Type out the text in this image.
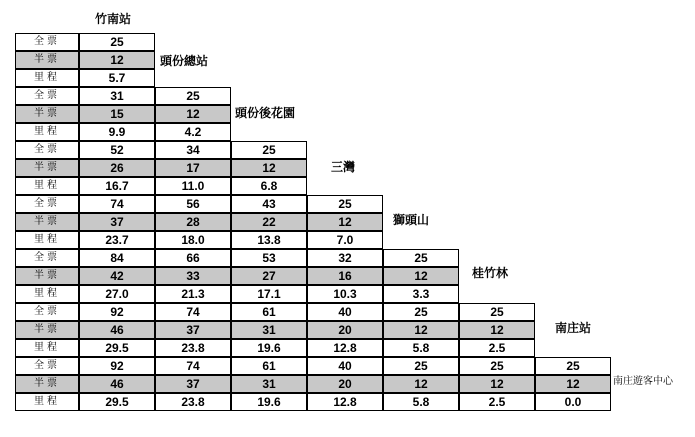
全票	25
半票	12
里程	5.7
全票	31	25
半票	15	12
里程	9.9	4.2
全票	52	34	25
半票	26	17	12
里程	16.7	11.0	6.8
全票	74	56	43	25
半票	37	28	22	12
里程	23.7	18.0	13.8	7.0
全票	84	66	53	32	25
半票	42	33	27	16	12
里程	27.0	21.3	17.1	10.3	3.3
全票	92	74	61	40	25	25
半票	46	37	31	20	12	12
里程	29.5	23.8	19.6	12.8	5.8	2.5
全票	92	74	61	40	25	25	25
半票	46	37	31	20	12	12	12
里程	29.5	23.8	19.6	12.8	5.8	2.5	0.0
竹南站
頭份總站
頭份後花園
三灣
獅頭山
桂竹林
南庄站
南庄遊客中心
